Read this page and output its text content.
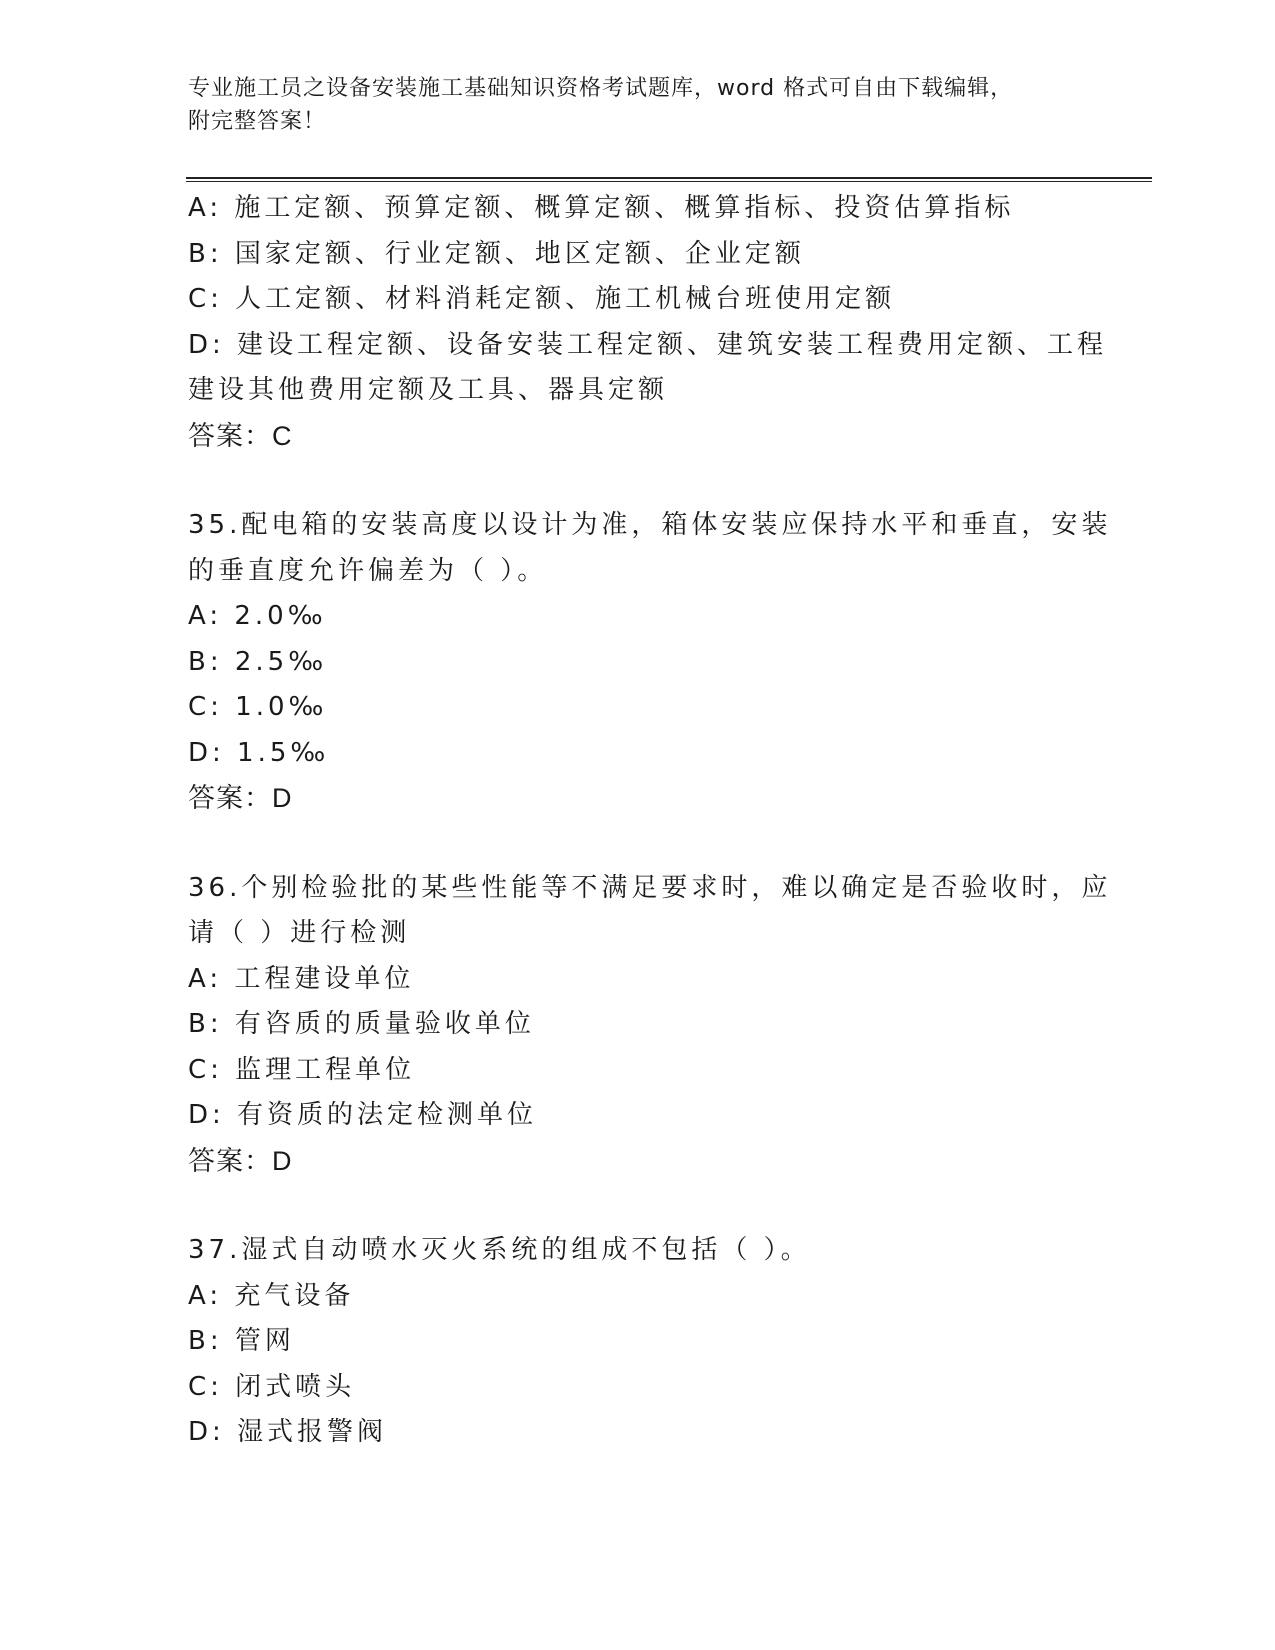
专业施工员之设备安装施工基础知识资格考试题库，word 格式可自由下载编辑，
附完整答案！
A: 施工定额、预算定额、概算定额、概算指标、投资估算指标
B: 国家定额、行业定额、地区定额、企业定额
C: 人工定额、材料消耗定额、施工机械台班使用定额
D: 建设工程定额、设备安装工程定额、建筑安装工程费用定额、工程
建设其他费用定额及工具、器具定额
答案：C
35.配电箱的安装高度以设计为准，箱体安装应保持水平和垂直，安装
的垂直度允许偏差为（ ）。
A: 2.0‰
B: 2.5‰
C: 1.0‰
D: 1.5‰
答案：D
36.个别检验批的某些性能等不满足要求时，难以确定是否验收时，应
请（ ）进行检测
A: 工程建设单位
B: 有咨质的质量验收单位
C: 监理工程单位
D: 有资质的法定检测单位
答案：D
37.湿式自动喷水灭火系统的组成不包括（ ）。
A: 充气设备
B: 管网
C: 闭式喷头
D: 湿式报警阀
